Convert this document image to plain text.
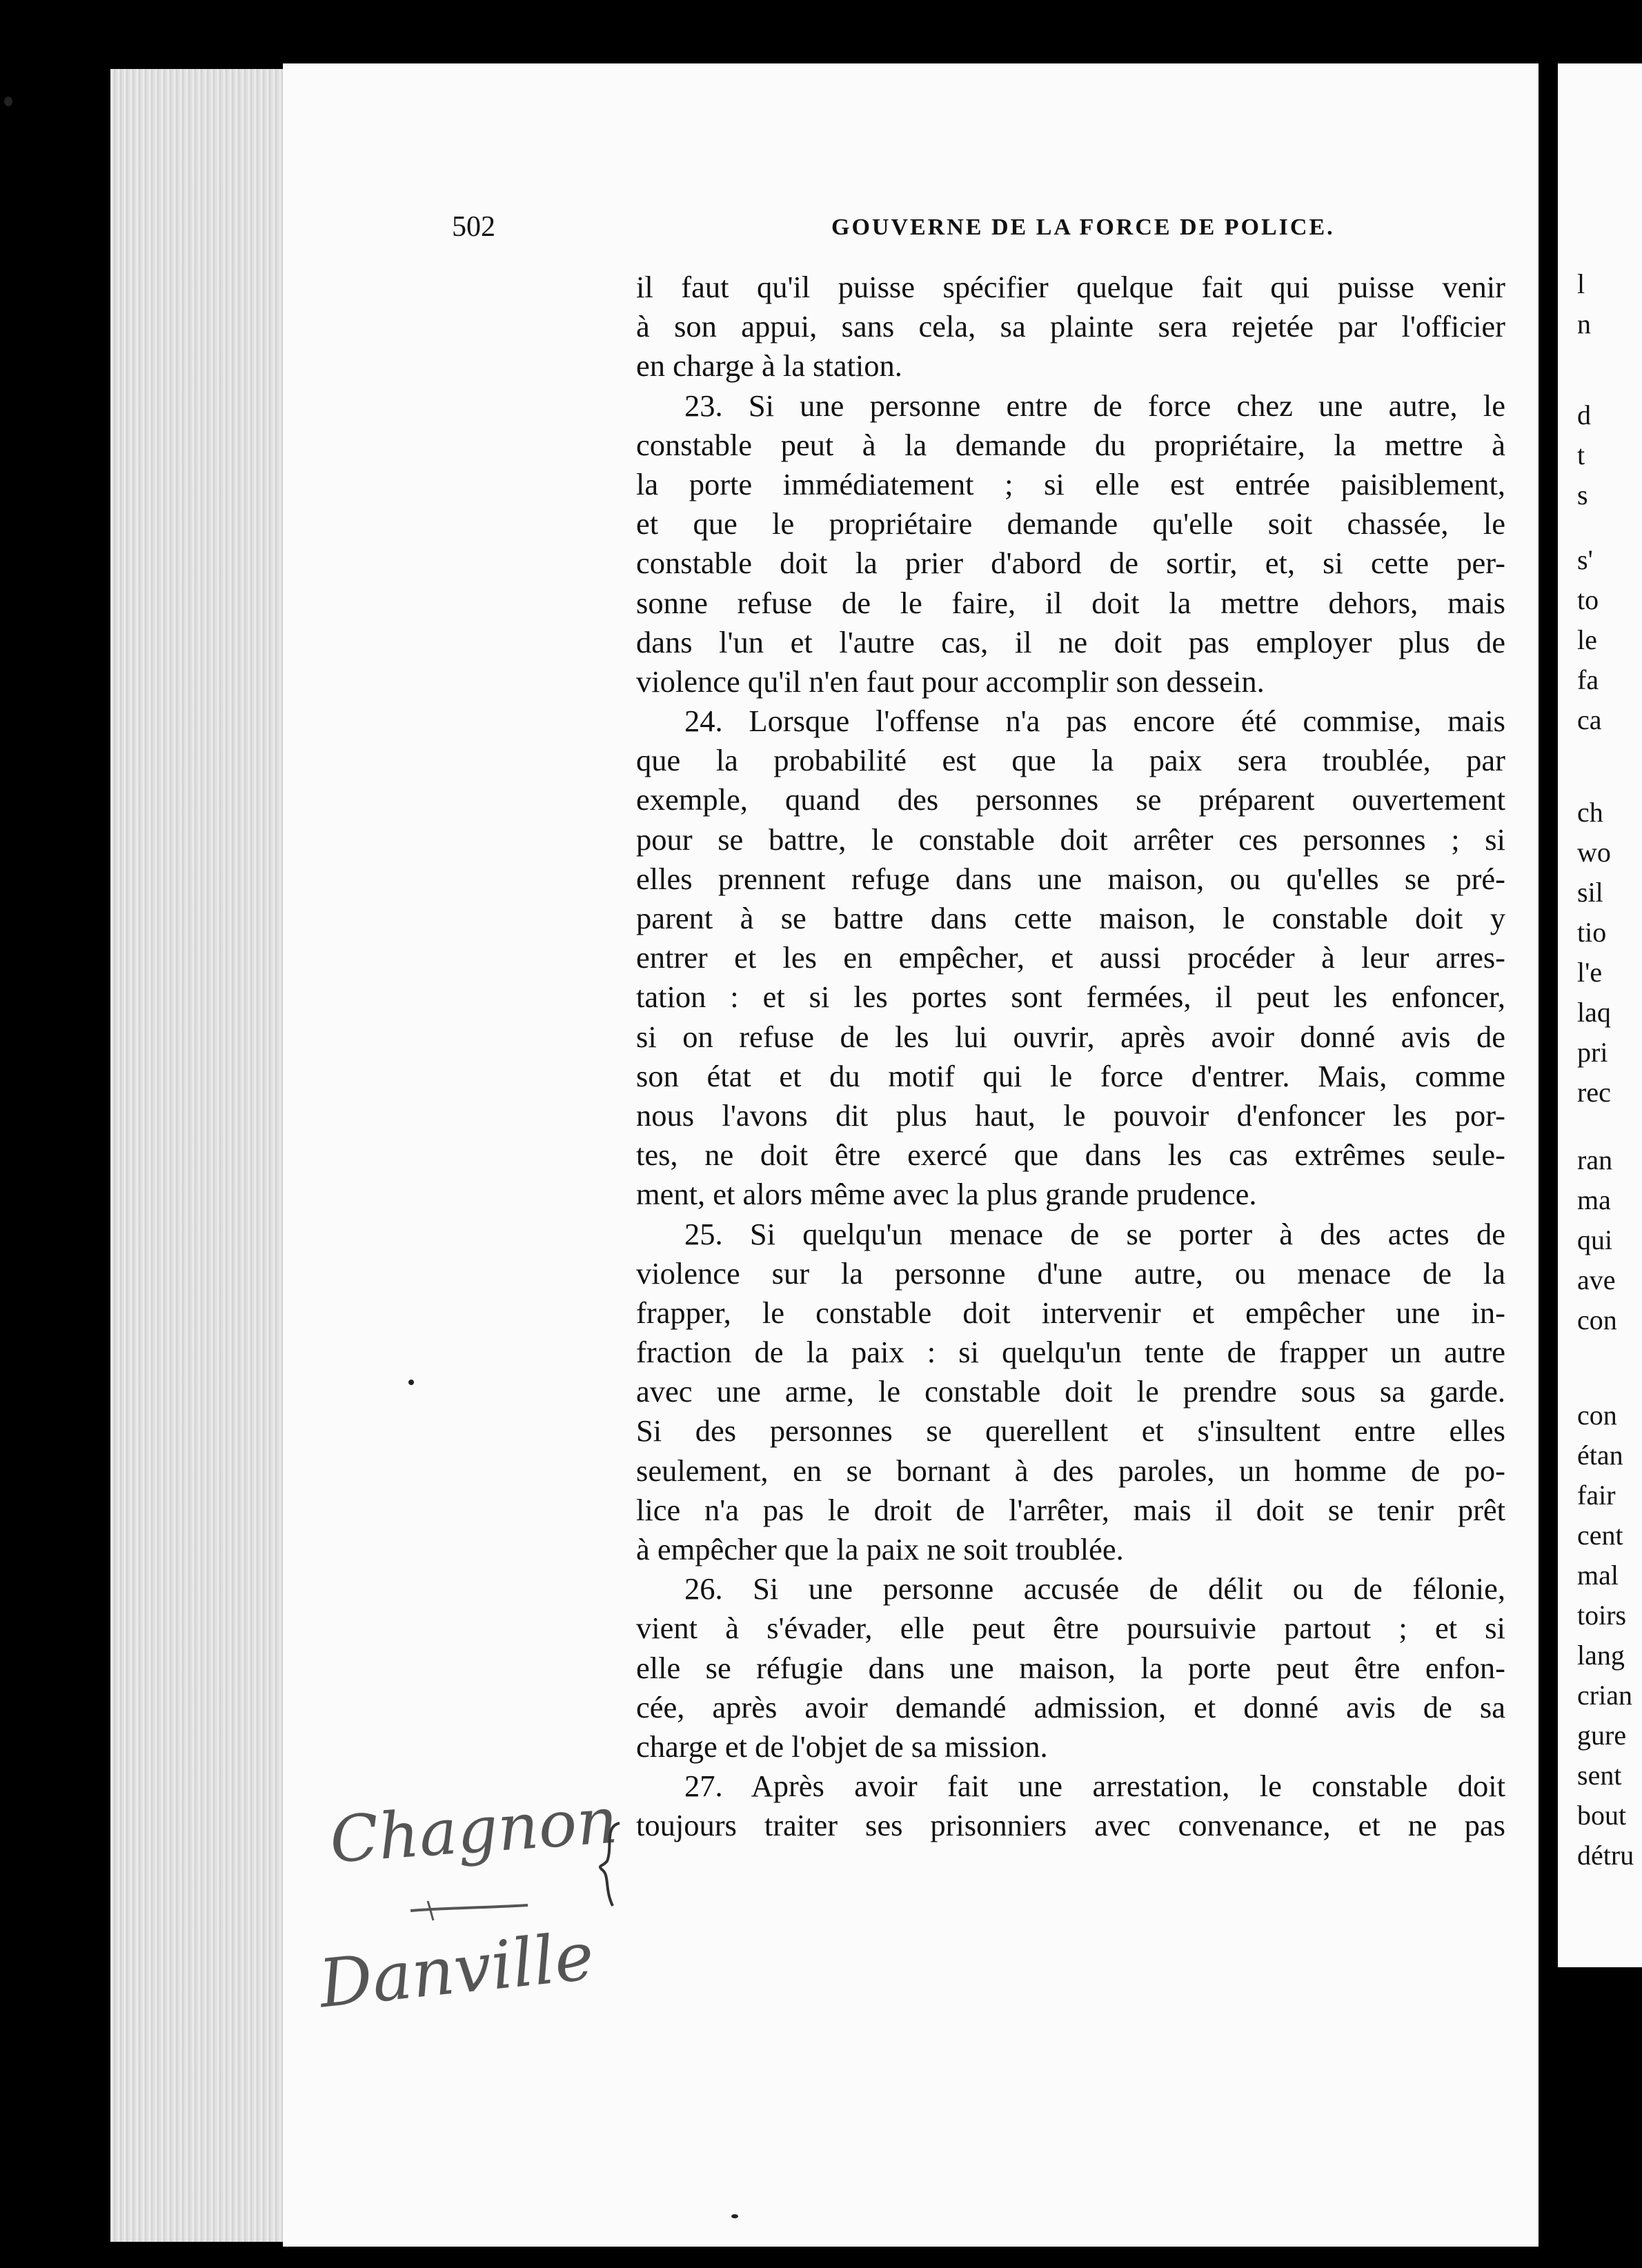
l
n
d
t
s
s'
to
le
fa
ca
ch
wo
sil
tio
l'e
laq
pri
rec
ran
ma
qui
ave
con
con
étan
fair
cent
mal
toirs
lang
crian
gure
sent
bout
détru
502	GOUVERNE DE LA FORCE DE POLICE.
il faut qu'il puisse spécifier quelque fait qui puisse venir
à son appui, sans cela, sa plainte sera rejetée par l'officier
en charge à la station.
23. Si une personne entre de force chez une autre, le
constable peut à la demande du propriétaire, la mettre à
la porte immédiatement ; si elle est entrée paisiblement,
et que le propriétaire demande qu'elle soit chassée, le
constable doit la prier d'abord de sortir, et, si cette per-
sonne refuse de le faire, il doit la mettre dehors, mais
dans l'un et l'autre cas, il ne doit pas employer plus de
violence qu'il n'en faut pour accomplir son dessein.
24. Lorsque l'offense n'a pas encore été commise, mais
que la probabilité est que la paix sera troublée, par
exemple, quand des personnes se préparent ouvertement
pour se battre, le constable doit arrêter ces personnes ; si
elles prennent refuge dans une maison, ou qu'elles se pré-
parent à se battre dans cette maison, le constable doit y
entrer et les en empêcher, et aussi procéder à leur arres-
tation : et si les portes sont fermées, il peut les enfoncer,
si on refuse de les lui ouvrir, après avoir donné avis de
son état et du motif qui le force d'entrer. Mais, comme
nous l'avons dit plus haut, le pouvoir d'enfoncer les por-
tes, ne doit être exercé que dans les cas extrêmes seule-
ment, et alors même avec la plus grande prudence.
25. Si quelqu'un menace de se porter à des actes de
violence sur la personne d'une autre, ou menace de la
frapper, le constable doit intervenir et empêcher une in-
fraction de la paix : si quelqu'un tente de frapper un autre
avec une arme, le constable doit le prendre sous sa garde.
Si des personnes se querellent et s'insultent entre elles
seulement, en se bornant à des paroles, un homme de po-
lice n'a pas le droit de l'arrêter, mais il doit se tenir prêt
à empêcher que la paix ne soit troublée.
26. Si une personne accusée de délit ou de félonie,
vient à s'évader, elle peut être poursuivie partout ; et si
elle se réfugie dans une maison, la porte peut être enfon-
cée, après avoir demandé admission, et donné avis de sa
charge et de l'objet de sa mission.
27. Après avoir fait une arrestation, le constable doit
toujours traiter ses prisonniers avec convenance, et ne pas
Chagnon
Danville
